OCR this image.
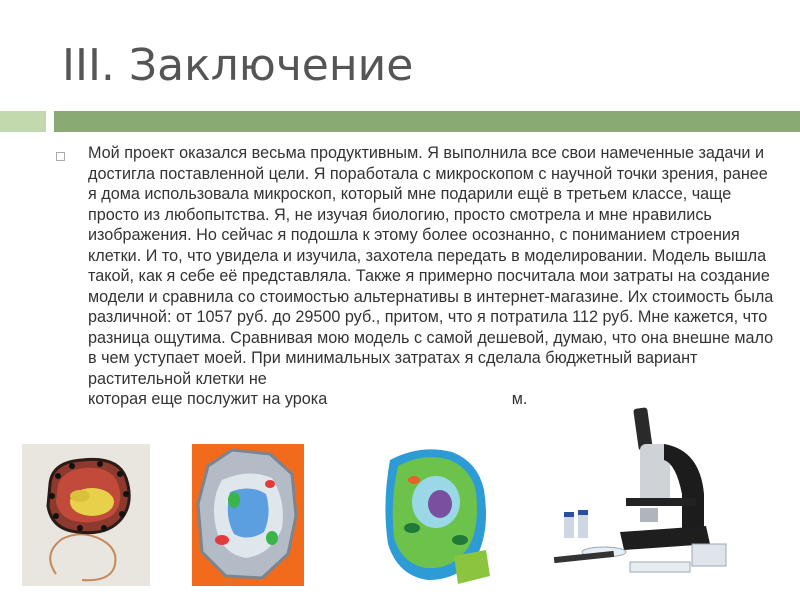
III. Заключение
Мой проект оказался весьма продуктивным. Я выполнила все свои намеченные задачи и достигла поставленной цели. Я поработала с микроскопом с научной точки зрения, ранее я дома использовала микроскоп, который мне подарили ещё в третьем классе, чаще просто из любопытства. Я, не изучая биологию, просто смотрела и мне нравились изображения. Но сейчас я подошла к этому более осознанно, с пониманием строения клетки. И то, что увидела и изучила, захотела передать в моделировании. Модель вышла такой, как я себе её представляла. Также я примерно посчитала мои затраты на создание модели и сравнила со стоимостью альтернативы в интернет-магазине. Их стоимость была различной: от 1057 руб. до 29500 руб., притом, что я потратила 112 руб. Мне кажется, что разница ощутима. Сравнивая мою модель с самой дешевой, думаю, что она внешне мало в чем уступает моей. При минимальных затратах я сделала бюджетный вариант растительной клетки не
которая еще послужит на урока	м.
